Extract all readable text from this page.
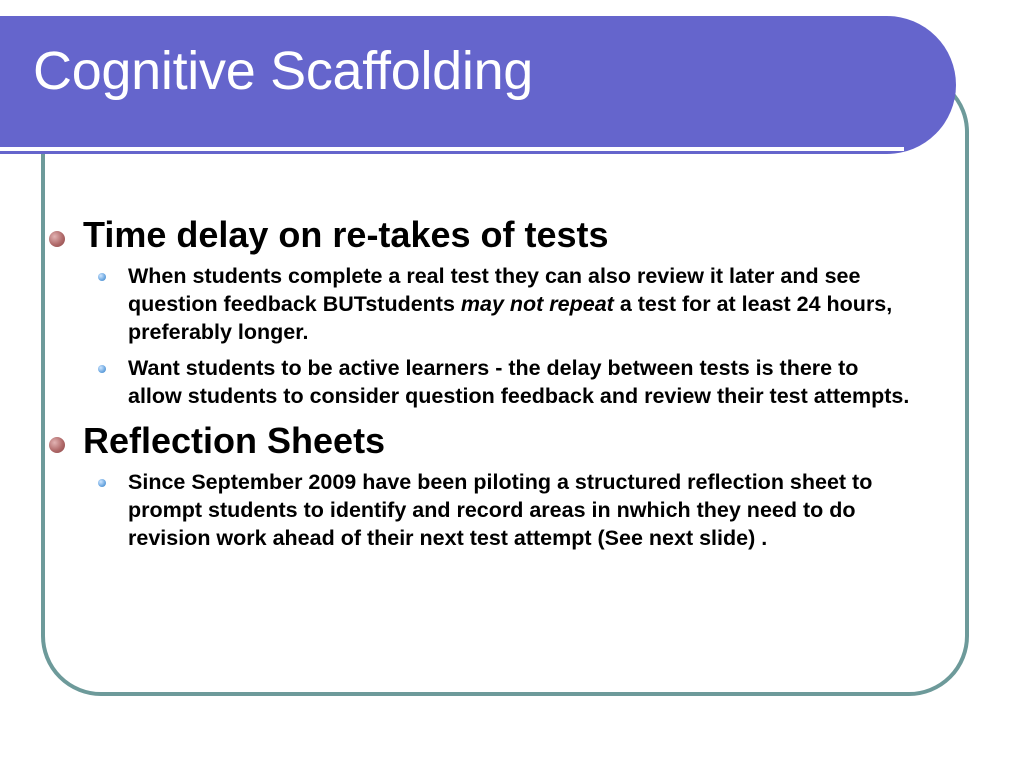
Cognitive Scaffolding
Time delay on re-takes of tests
When students complete a real test they can also review it later and see question feedback BUTstudents may not repeat a test for at least 24 hours, preferably longer.
Want students to be active learners - the delay between tests is there to allow students to consider question feedback and review their test attempts.
Reflection Sheets
Since September 2009 have been piloting a structured reflection sheet to prompt students to identify and record areas in nwhich they need to do revision work ahead of their next test attempt (See next slide) .
